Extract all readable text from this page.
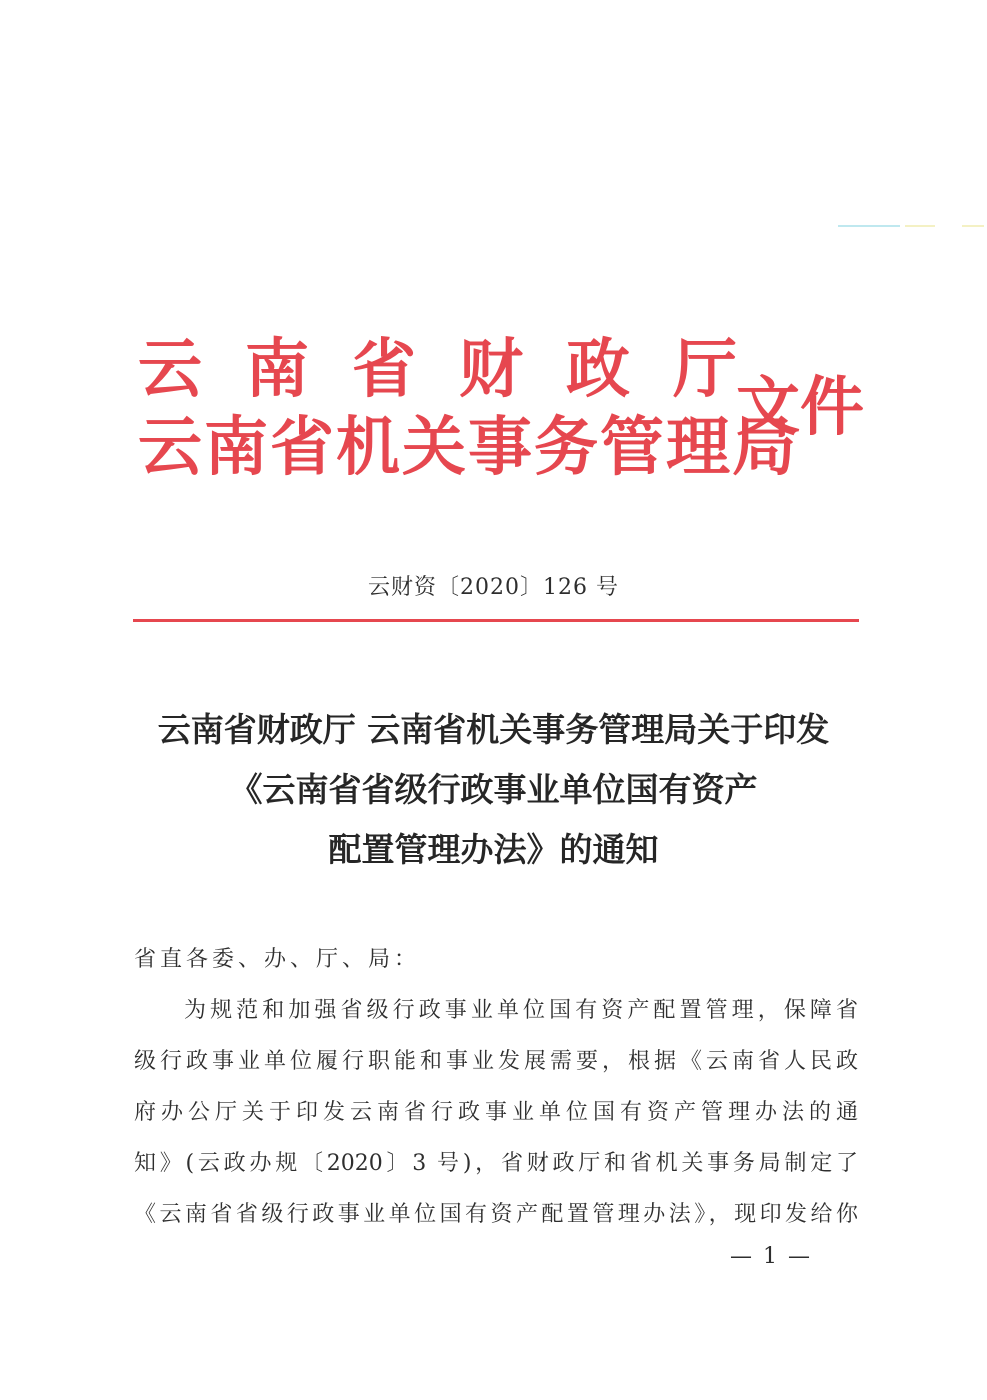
云南省财政厅
云南省机关事务管理局
文件
云财资〔2020〕126 号
云南省财政厅 云南省机关事务管理局关于印发
《云南省省级行政事业单位国有资产
配置管理办法》的通知
省直各委、办、厅、局：
为规范和加强省级行政事业单位国有资产配置管理，保障省
级行政事业单位履行职能和事业发展需要，根据《云南省人民政
府办公厅关于印发云南省行政事业单位国有资产管理办法的通
知》(云政办规〔2020〕3 号)，省财政厅和省机关事务局制定了
《云南省省级行政事业单位国有资产配置管理办法》，现印发给你
— 1 —
